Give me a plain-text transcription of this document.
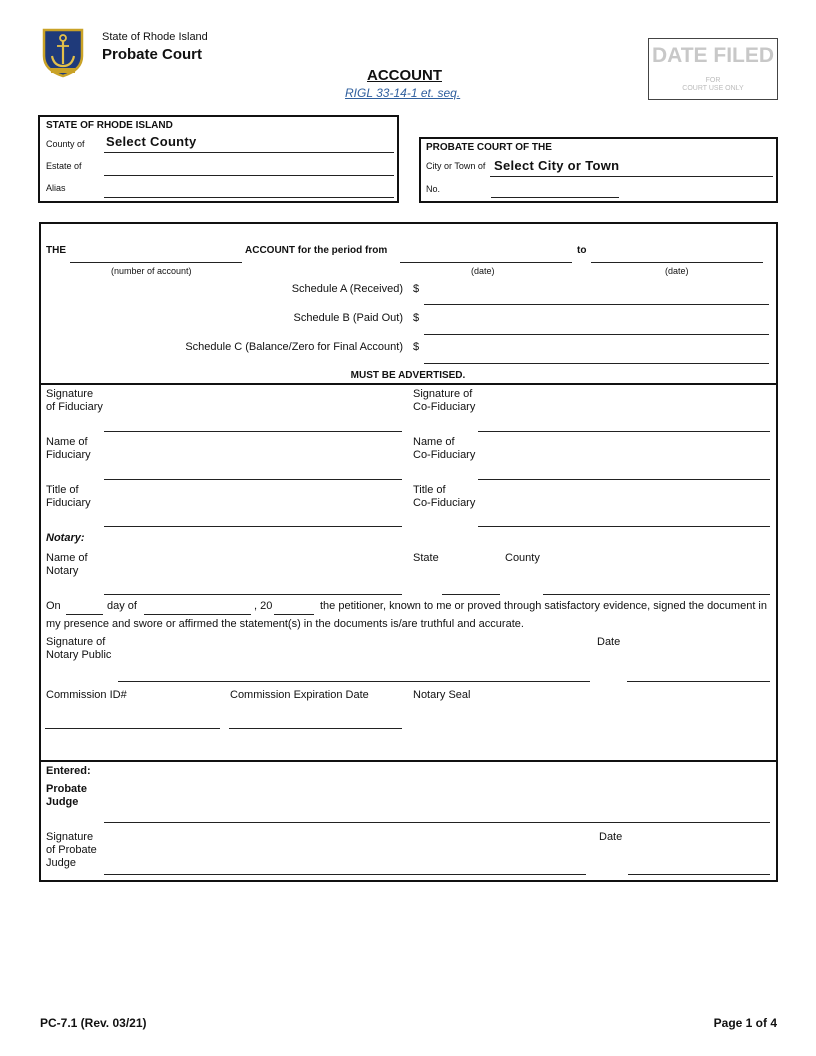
State of Rhode Island
Probate Court
ACCOUNT
RIGL 33-14-1 et. seq.
DATE FILED
FOR
COURT USE ONLY
STATE OF RHODE ISLAND
County of Select County
Estate of
Alias
PROBATE COURT OF THE
City or Town of Select City or Town
No.
THE	ACCOUNT for the period from	to
(number of account)	(date)	(date)
Schedule A (Received) $
Schedule B (Paid Out) $
Schedule C (Balance/Zero for Final Account) $
MUST BE ADVERTISED.
Signature
of Fiduciary
Signature of
Co-Fiduciary
Name of
Fiduciary
Name of
Co-Fiduciary
Title of
Fiduciary
Title of
Co-Fiduciary
Notary:
Name of
Notary
State	County
On	day of	, 20	the petitioner, known to me or proved through satisfactory evidence, signed the document in
my presence and swore or affirmed the statement(s) in the documents is/are truthful and accurate.
Signature of
Notary Public
Date
Commission ID#	Commission Expiration Date	Notary Seal
Entered:
Probate
Judge
Signature
of Probate
Judge
Date
PC-7.1 (Rev. 03/21)	Page 1 of 4
